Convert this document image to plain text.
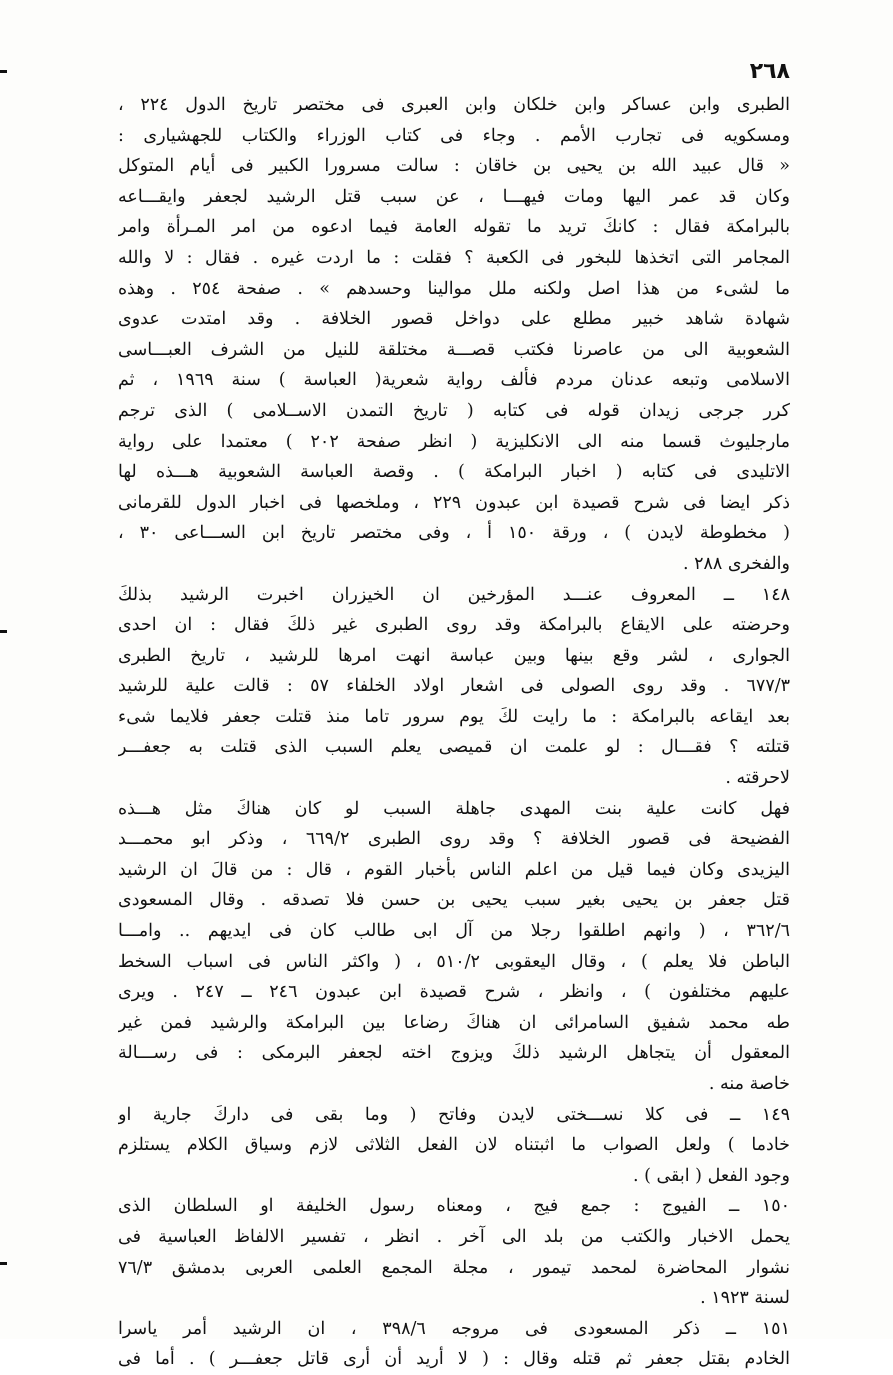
٢٦٨
الطبرى وابن عساكر وابن خلكان وابن العبرى فى مختصر تاريخ الدول ٢٢٤ ،
ومسكويه فى تجارب الأمم . وجاء فى كتاب الوزراء والكتاب للجهشيارى :
« قال عبيد الله بن يحيى بن خاقان : سالت مسرورا الكبير فى أيام المتوكل
وكان قد عمر اليها ومات فيهـــا ، عن سبب قتل الرشيد لجعفر وايقـــاعه
بالبرامكة فقال : كانكَ تريد ما تقوله العامة فيما ادعوه من امر المـرأة وامر
المجامر التى اتخذها للبخور فى الكعبة ؟ فقلت : ما اردت غيره . فقال : لا والله
ما لشىء من هذا اصل ولكنه ملل موالينا وحسدهم » . صفحة ٢٥٤ . وهذه
شهادة شاهد خبير مطلع على دواخل قصور الخلافة . وقد امتدت عدوى
الشعوبية الى من عاصرنا فكتب قصـــة مختلقة للنيل من الشرف العبـــاسى
الاسلامى وتبعه عدنان مردم فألف رواية شعرية( العباسة ) سنة ١٩٦٩ ، ثم
كرر جرجى زيدان قوله فى كتابه ( تاريخ التمدن الاســلامى ) الذى ترجم
مارجليوث قسما منه الى الانكليزية ( انظر صفحة ٢٠٢ ) معتمدا على رواية
الاتليدى فى كتابه ( اخبار البرامكة ) . وقصة العباسة الشعوبية هـــذه لها
ذكر ايضا فى شرح قصيدة ابن عبدون ٢٢٩ ، وملخصها فى اخبار الدول للقرمانى
( مخطوطة لايدن ) ، ورقة ١٥٠ أ ، وفى مختصر تاريخ ابن الســـاعى ٣٠ ،
والفخرى ٢٨٨ .
١٤٨ ــ المعروف عنـــد المؤرخين ان الخيزران اخبرت الرشيد بذلكَ
وحرضته على الايقاع بالبرامكة وقد روى الطبرى غير ذلكَ فقال : ان احدى
الجوارى ، لشر وقع بينها وبين عباسة انهت امرها للرشيد ، تاريخ الطبرى
٦٧٧/٣ . وقد روى الصولى فى اشعار اولاد الخلفاء ٥٧ : قالت علية للرشيد
بعد ايقاعه بالبرامكة : ما رايت لكَ يوم سرور تاما منذ قتلت جعفر فلايما شىء
قتلته ؟ فقـــال : لو علمت ان قميصى يعلم السبب الذى قتلت به جعفـــر
لاحرقته .
فهل كانت علية بنت المهدى جاهلة السبب لو كان هناكَ مثل هـــذه
الفضيحة فى قصور الخلافة ؟ وقد روى الطبرى ٦٦٩/٢ ، وذكر ابو محمـــد
اليزيدى وكان فيما قيل من اعلم الناس بأخبار القوم ، قال : من قالَ ان الرشيد
قتل جعفر بن يحيى بغير سبب يحيى بن حسن فلا تصدقه . وقال المسعودى
٣٦٢/٦ ، ( وانهم اطلقوا رجلا من آل ابى طالب كان فى ايديهم .. وامـــا
الباطن فلا يعلم ) ، وقال اليعقوبى ٥١٠/٢ ، ( واكثر الناس فى اسباب السخط
عليهم مختلفون ) ، وانظر ، شرح قصيدة ابن عبدون ٢٤٦ ــ ٢٤٧ . ويرى
طه محمد شفيق السامرائى ان هناكَ رضاعا بين البرامكة والرشيد فمن غير
المعقول أن يتجاهل الرشيد ذلكَ ويزوج اخته لجعفر البرمكى : فى رســـالة
خاصة منه .
١٤٩ ــ فى كلا نســـختى لايدن وفاتح ( وما بقى فى داركَ جارية او
خادما ) ولعل الصواب ما اثبتناه لان الفعل الثلاثى لازم وسياق الكلام يستلزم
وجود الفعل ( ابقى ) .
١٥٠ ــ الفيوج : جمع فيج ، ومعناه رسول الخليفة او السلطان الذى
يحمل الاخبار والكتب من بلد الى آخر . انظر ، تفسير الالفاظ العباسية فى
نشوار المحاضرة لمحمد تيمور ، مجلة المجمع العلمى العربى بدمشق ٧٦/٣
لسنة ١٩٢٣ .
١٥١ ــ ذكر المسعودى فى مروجه ٣٩٨/٦ ، ان الرشيد أمر ياسرا
الخادم بقتل جعفر ثم قتله وقال : ( لا أريد أن أرى قاتل جعفـــر ) . أما فى
